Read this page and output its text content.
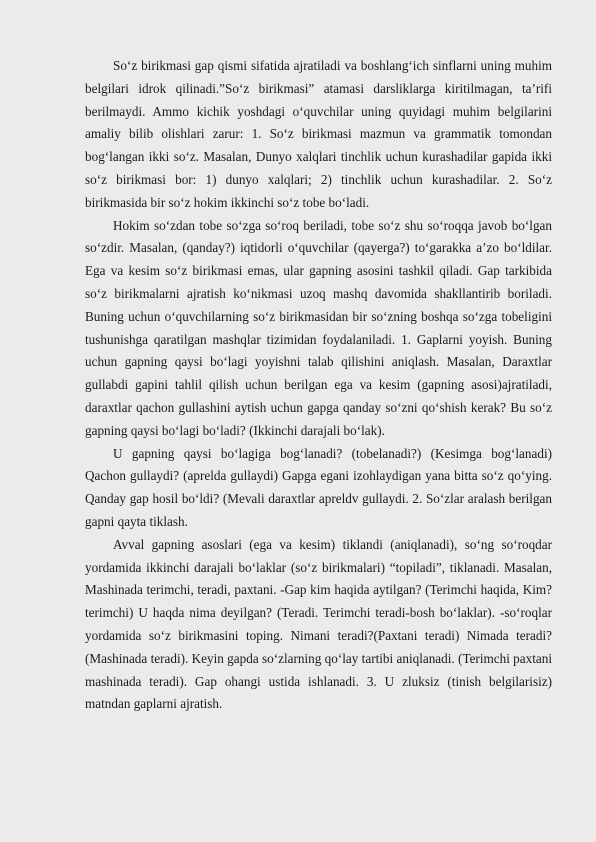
So‘z birikmasi gap qismi sifatida ajratiladi va boshlang‘ich sinflarni uning muhim belgilari idrok qilinadi.”So‘z birikmasi” atamasi darsliklarga kiritilmagan, ta’rifi berilmaydi. Ammo kichik yoshdagi o‘quvchilar uning quyidagi muhim belgilarini amaliy bilib olishlari zarur: 1. So‘z birikmasi mazmun va grammatik tomondan bog‘langan ikki so‘z. Masalan, Dunyo xalqlari tinchlik uchun kurashadilar gapida ikki so‘z birikmasi bor: 1) dunyo xalqlari; 2) tinchlik uchun kurashadilar. 2. So‘z birikmasida bir so‘z hokim ikkinchi so‘z tobe bo‘ladi.

Hokim so‘zdan tobe so‘zga so‘roq beriladi, tobe so‘z shu so‘roqqa javob bo‘lgan so‘zdir. Masalan, (qanday?) iqtidorli o‘quvchilar (qayerga?) to‘garakka a’zo bo‘ldilar. Ega va kesim so‘z birikmasi emas, ular gapning asosini tashkil qiladi. Gap tarkibida so‘z birikmalarni ajratish ko‘nikmasi uzoq mashq davomida shakllantirib boriladi. Buning uchun o‘quvchilarning so‘z birikmasidan bir so‘zning boshqa so‘zga tobeligini tushunishga qaratilgan mashqlar tizimidan foydalaniladi. 1. Gaplarni yoyish. Buning uchun gapning qaysi bo‘lagi yoyishni talab qilishini aniqlash. Masalan, Daraxtlar gullabdi gapini tahlil qilish uchun berilgan ega va kesim (gapning asosi)ajratiladi, daraxtlar qachon gullashini aytish uchun gapga qanday so‘zni qo‘shish kerak? Bu so‘z gapning qaysi bo‘lagi bo‘ladi? (Ikkinchi darajali bo‘lak).

U gapning qaysi bo‘lagiga bog‘lanadi? (tobelanadi?) (Kesimga bog‘lanadi) Qachon gullaydi? (aprelda gullaydi) Gapga egani izohlaydigan yana bitta so‘z qo‘ying. Qanday gap hosil bo‘ldi? (Mevali daraxtlar apreldv gullaydi. 2. So‘zlar aralash berilgan gapni qayta tiklash.

Avval gapning asoslari (ega va kesim) tiklandi (aniqlanadi), so‘ng so‘roqdar yordamida ikkinchi darajali bo‘laklar (so‘z birikmalari) “topiladi”, tiklanadi. Masalan, Mashinada terimchi, teradi, paxtani. -Gap kim haqida aytilgan? (Terimchi haqida, Kim? terimchi) U haqda nima deyilgan? (Teradi. Terimchi teradi-bosh bo‘laklar). -so‘roqlar yordamida so‘z birikmasini toping. Nimani teradi?(Paxtani teradi) Nimada teradi? (Mashinada teradi). Keyin gapda so‘zlarning qo‘lay tartibi aniqlanadi. (Terimchi paxtani mashinada teradi). Gap ohangi ustida ishlanadi. 3. U zluksiz (tinish belgilarisiz) matndan gaplarni ajratish.
